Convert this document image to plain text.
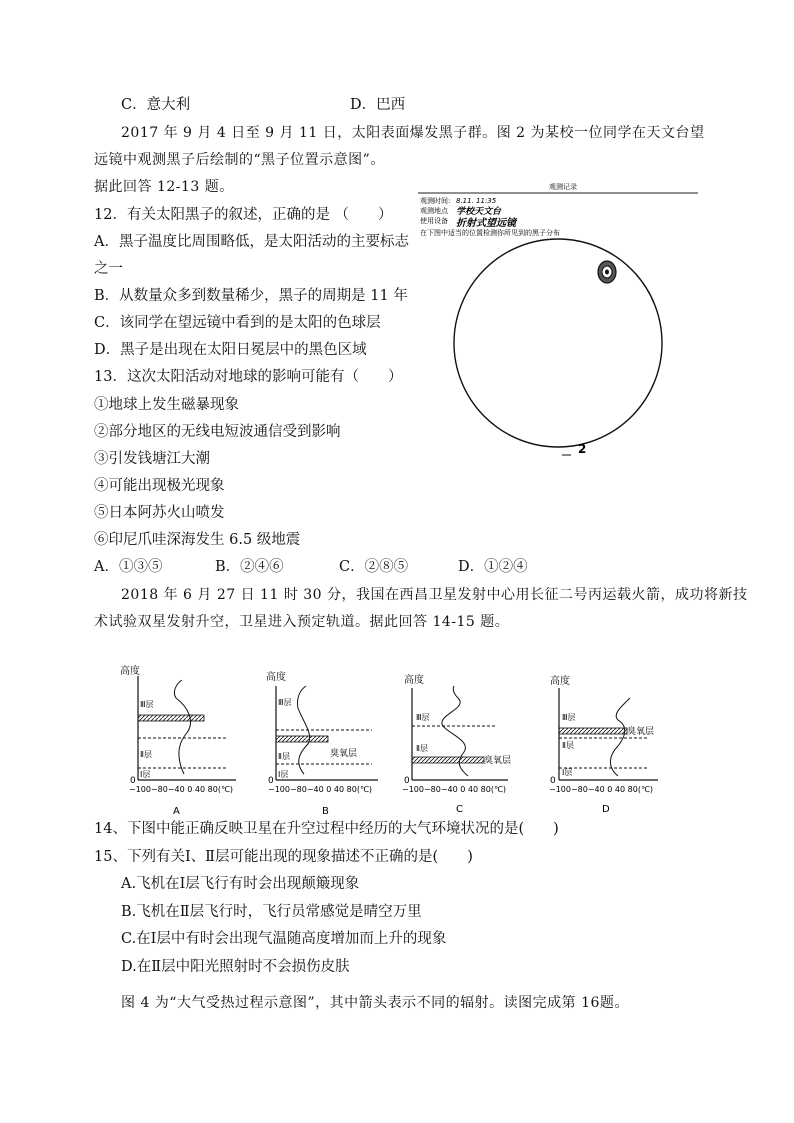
C．意大利	D．巴西
2017 年 9 月 4 日至 9 月 11 日，太阳表面爆发黑子群。图 2 为某校一位同学在天文台望
远镜中观测黑子后绘制的“黑子位置示意图”。
据此回答 12-13 题。
12．有关太阳黑子的叙述，正确的是 （　　）
A．黑子温度比周围略低，是太阳活动的主要标志
之一
B．从数量众多到数量稀少，黑子的周期是 11 年
C．该同学在望远镜中看到的是太阳的色球层
D．黑子是出现在太阳日冕层中的黑色区域
13．这次太阳活动对地球的影响可能有（　　）
①地球上发生磁暴现象
②部分地区的无线电短波通信受到影响
③引发钱塘江大潮
④可能出现极光现象
⑤日本阿苏火山喷发
⑥印尼爪哇深海发生 6.5 级地震
A．①③⑤	B．②④⑥	C．②⑧⑤	D．①②④
观测记录
观测时间: 8.11. 11:35
观测地点 学校天文台
使用设备 折射式望远镜
在下图中适当的位置检测你所见到的黑子分布
2
2018 年 6 月 27 日 11 时 30 分，我国在西昌卫星发射中心用长征二号丙运载火箭，成功将新技
术试验双星发射升空，卫星进入预定轨道。据此回答 14-15 题。
高度
Ⅲ层
Ⅱ层
Ⅰ层
0
−100−80−40 0 40 80(℃)
A
高度
Ⅲ层
Ⅱ层
Ⅰ层
0
臭氧层
−100−80−40 0 40 80(℃)
B
高度
Ⅲ层
Ⅱ层
0
臭氧层
−100−80−40 0 40 80(℃)
C
高度
Ⅲ层
Ⅱ层
Ⅰ层
0
臭氧层
−100−80−40 0 40 80(℃)
D
14、下图中能正确反映卫星在升空过程中经历的大气环境状况的是(　　)
15、下列有关Ⅰ、Ⅱ层可能出现的现象描述不正确的是(　　)
A.飞机在Ⅰ层飞行有时会出现颠簸现象
B.飞机在Ⅱ层飞行时，飞行员常感觉是晴空万里
C.在Ⅰ层中有时会出现气温随高度增加而上升的现象
D.在Ⅱ层中阳光照射时不会损伤皮肤
图 4 为“大气受热过程示意图”，其中箭头表示不同的辐射。读图完成第 16题。
